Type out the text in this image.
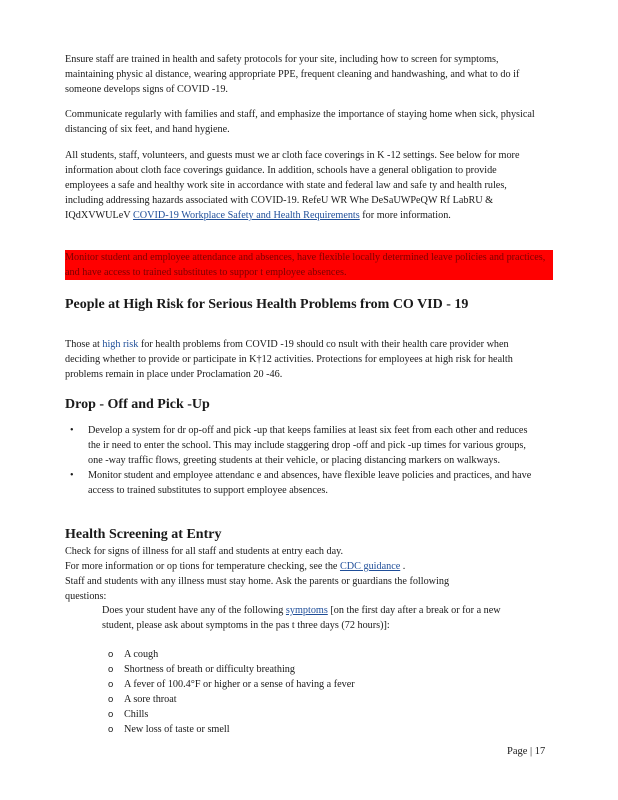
Ensure staff are trained in health and safety protocols for your site, including how to screen for symptoms, maintaining physic al distance, wearing appropriate PPE, frequent cleaning and handwashing, and what to do if someone develops signs of COVID -19.

Communicate regularly with families and staff, and emphasize the importance of staying home when sick, physical distancing of six feet, and hand hygiene.

All students, staff, volunteers, and guests must we ar cloth face coverings in K -12 settings. See below for more information about cloth face coverings guidance. In addition, schools have a general obligation to provide employees a safe and healthy work site in accordance with state and federal law and safe ty and health rules, including addressing hazards associated with COVID-19. RefeU WR Whe DeSaUWPeQW Rf LabRU & IQdXVWULeV COVID-19 Workplace Safety and Health Requirements for more information.

Monitor student and employee attendance and absences, have flexible locally determined leave policies and practices, and have access to trained substitutes to suppor t employee absences.
People at High Risk for Serious Health Problems from CO VID - 19

Those at high risk for health problems from COVID -19 should co nsult with their health care provider when deciding whether to provide or participate in K†12 activities. Protections for employees at high risk for health problems remain in place under Proclamation 20 -46.

Drop - Off and Pick -Up
• Develop a system for dr op-off and pick -up that keeps families at least six feet from each other and reduces the ir need to enter the school. This may include staggering drop -off and pick -up times for various groups, one -way traffic flows, greeting students at their vehicle, or placing distancing markers on walkways.
• Monitor student and employee attendanc e and absences, have flexible leave policies and practices, and have access to trained substitutes to support employee absences.
Health Screening at Entry

Check for signs of illness for all staff and students at entry each day.

For more information or op tions for temperature checking, see the CDC guidance .

Staff and students with any illness must stay home. Ask the parents or guardians the following questions:

Does your student have any of the following symptoms [on the first day after a break or for a new student, please ask about symptoms in the pas t three days (72 hours)]:
o A cough
o Shortness of breath or difficulty breathing
o A fever of 100.4°F or higher or a sense of having a fever
o A sore throat
o Chills
o New loss of taste or smell
Page | 17
